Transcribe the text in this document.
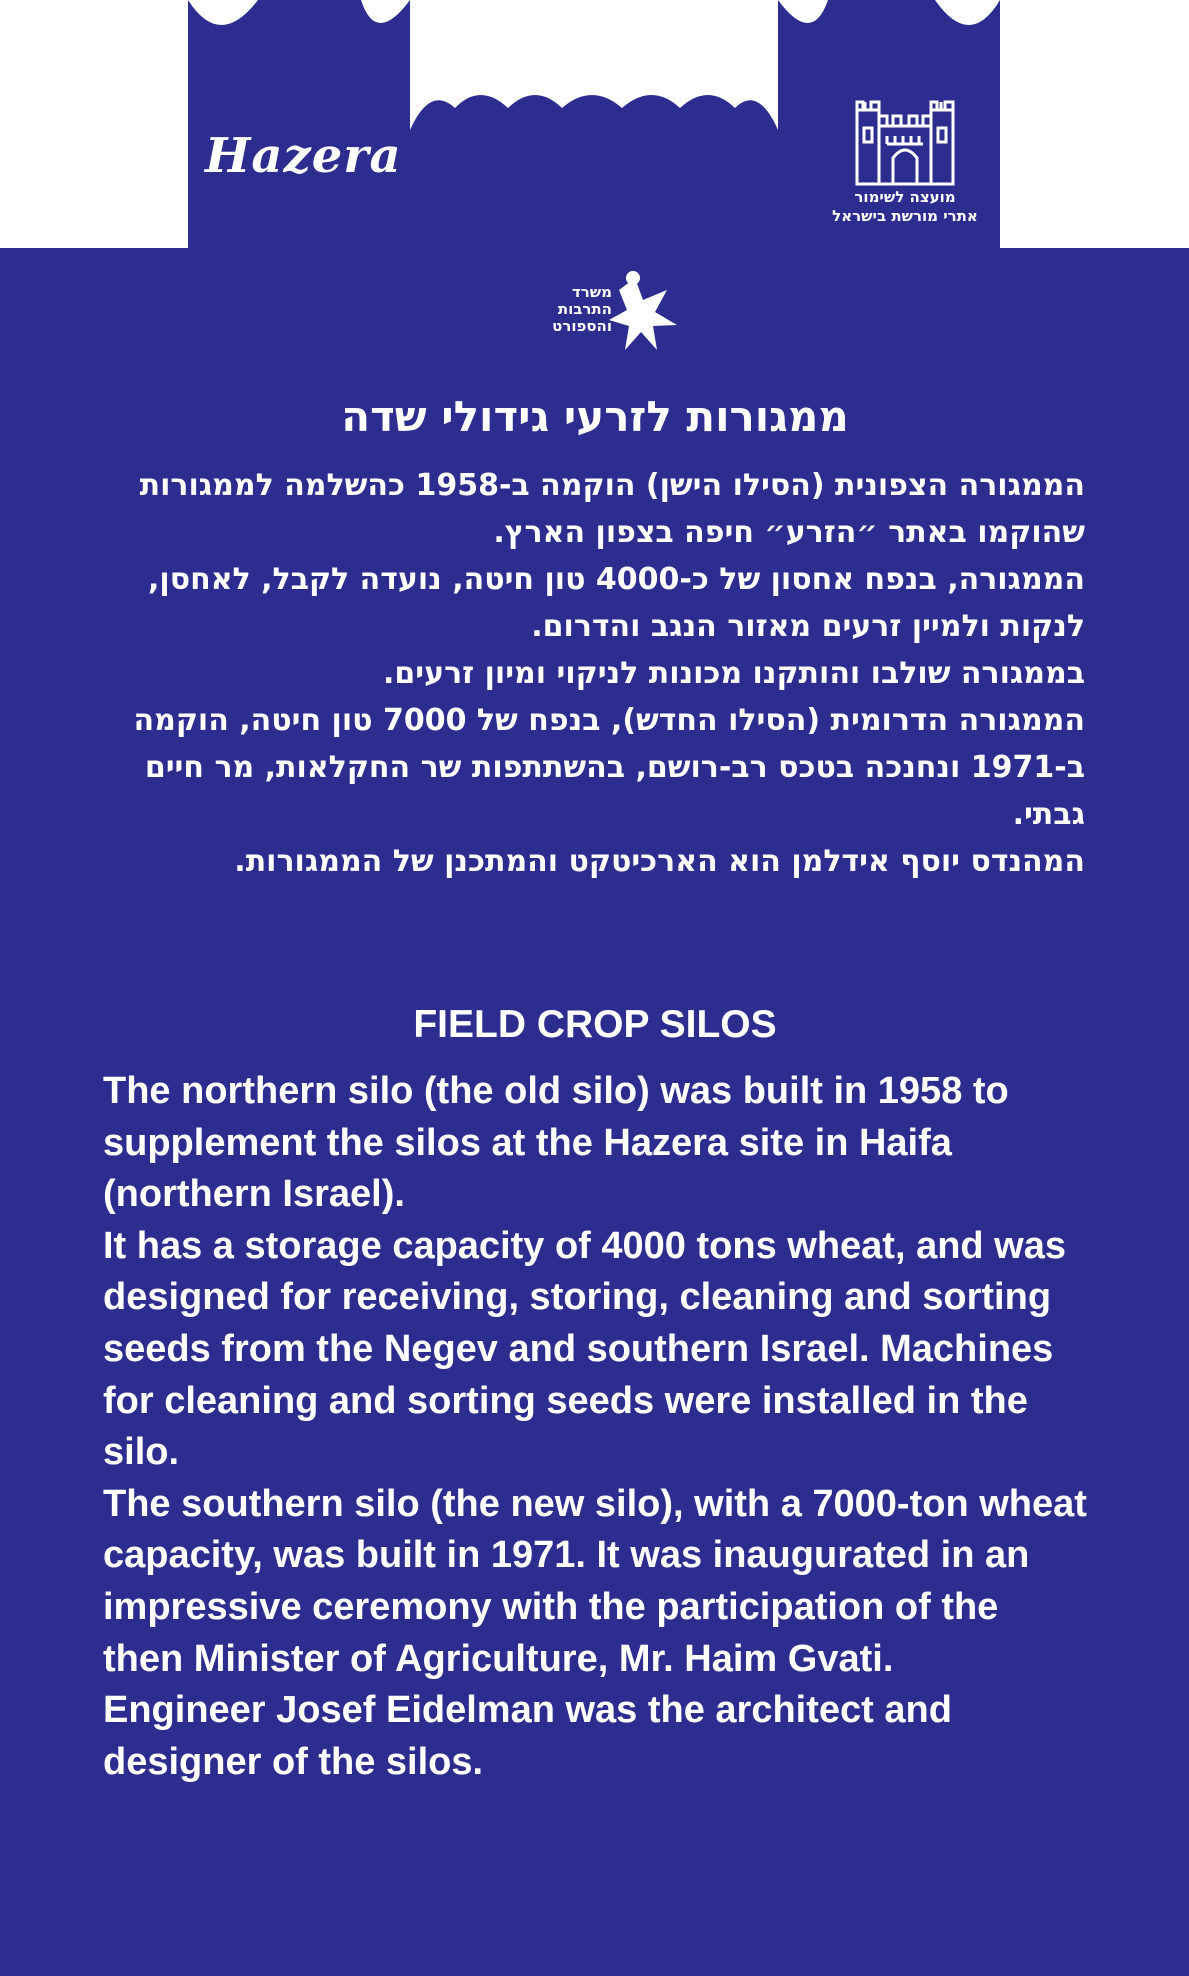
Hazera
מועצה לשימור
אתרי מורשת בישראל
משרד
התרבות
והספורט
ממגורות לזרעי גידולי שדה

הממגורה הצפונית (הסילו הישן) הוקמה ב-1958 כהשלמה לממגורות שהוקמו באתר ״הזרע״ חיפה בצפון הארץ.

הממגורה, בנפח אחסון של כ-4000 טון חיטה, נועדה לקבל, לאחסן, לנקות ולמיין זרעים מאזור הנגב והדרום.

בממגורה שולבו והותקנו מכונות לניקוי ומיון זרעים.

הממגורה הדרומית (הסילו החדש), בנפח של 7000 טון חיטה, הוקמה ב-1971 ונחנכה בטכס רב-רושם, בהשתתפות שר החקלאות, מר חיים גבתי.

המהנדס יוסף אידלמן הוא הארכיטקט והמתכנן של הממגורות.

FIELD CROP SILOS

The northern silo (the old silo) was built in 1958 to supplement the silos at the Hazera site in Haifa (northern Israel).

It has a storage capacity of 4000 tons wheat, and was designed for receiving, storing, cleaning and sorting seeds from the Negev and southern Israel. Machines for cleaning and sorting seeds were installed in the silo.

The southern silo (the new silo), with a 7000-ton wheat capacity, was built in 1971. It was inaugurated in an impressive ceremony with the participation of the then Minister of Agriculture, Mr. Haim Gvati.

Engineer Josef Eidelman was the architect and designer of the silos.
